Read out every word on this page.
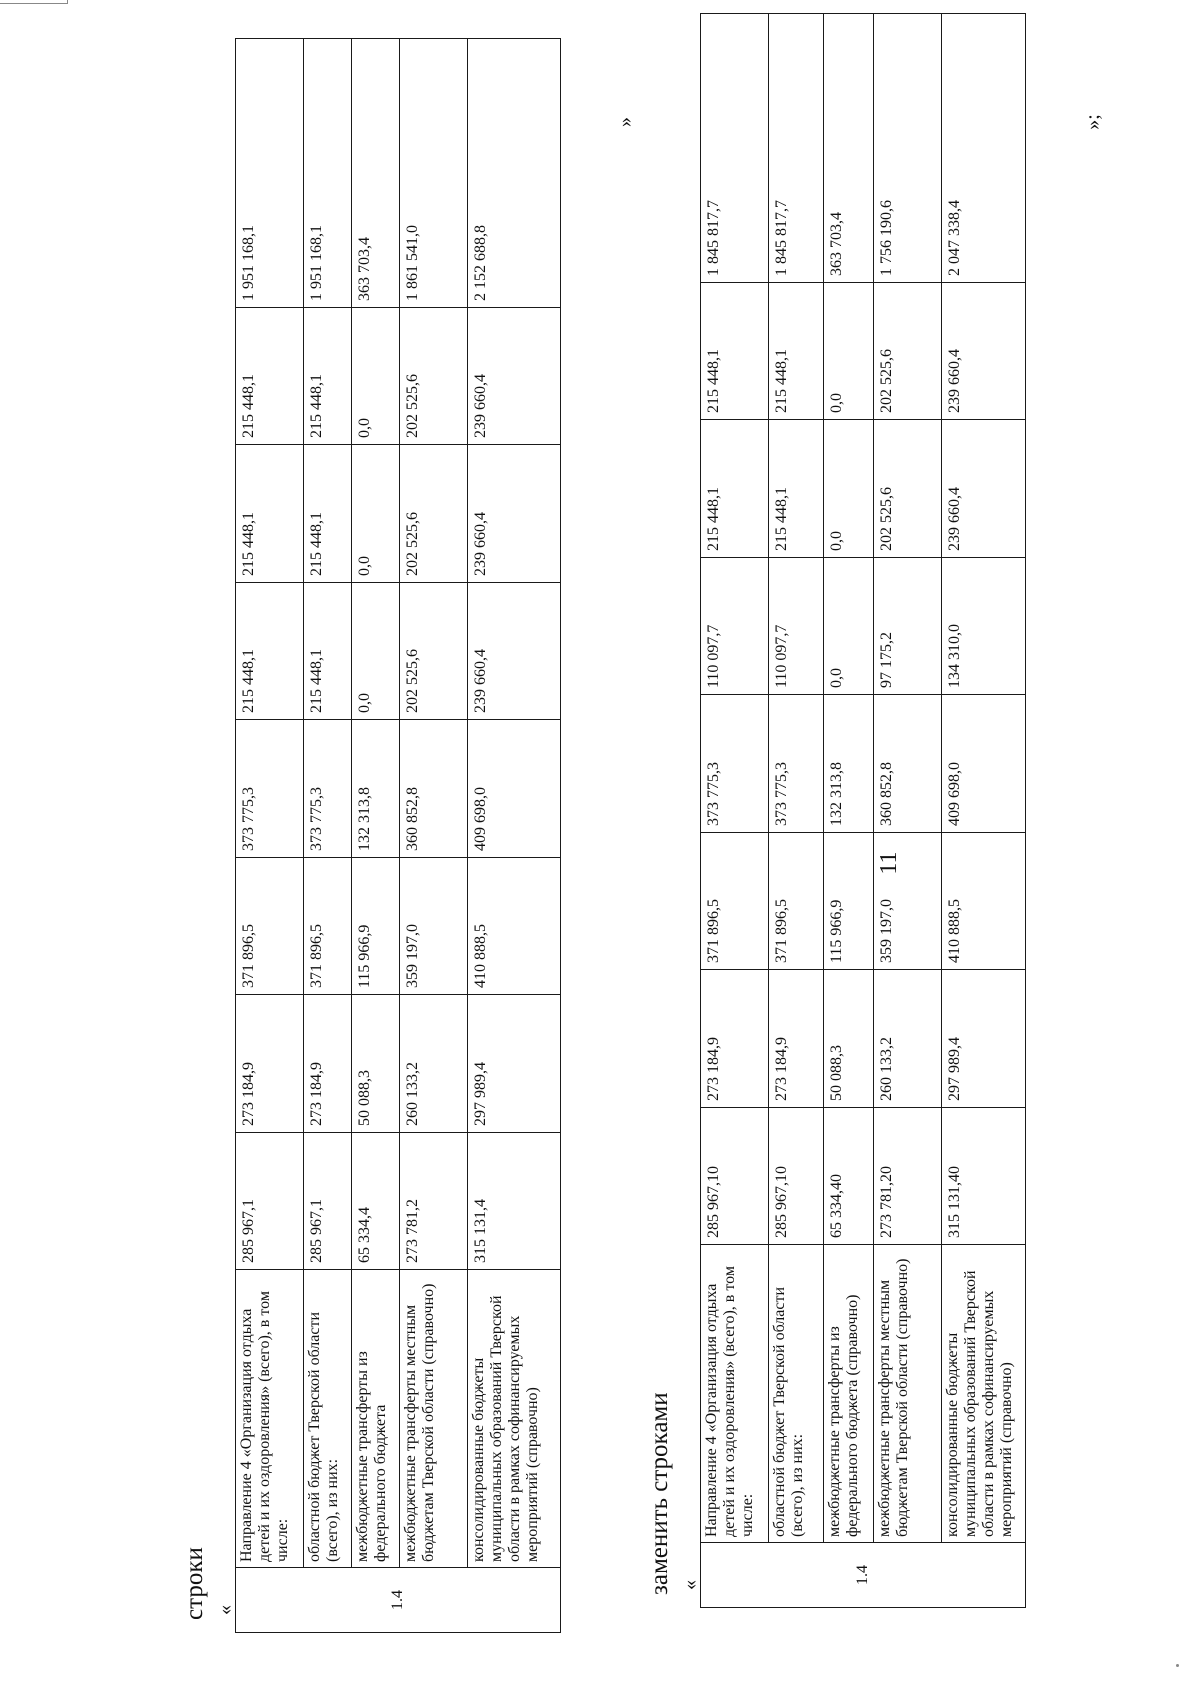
11
строки «	1.4	Направление 4 «Организация отдыха детей и их оздоровления» (всего), в том числе:	285 967,1	273 184,9	371 896,5	373 775,3	215 448,1	215 448,1	215 448,1	1 951 168,1
	областной бюджет Тверской области (всего), из них:	285 967,1	273 184,9	371 896,5	373 775,3	215 448,1	215 448,1	215 448,1	1 951 168,1
	межбюджетные трансферты из федерального бюджета	65 334,4	50 088,3	115 966,9	132 313,8	0,0	0,0	0,0	363 703,4
	межбюджетные трансферты местным бюджетам Тверской области (справочно)	273 781,2	260 133,2	359 197,0	360 852,8	202 525,6	202 525,6	202 525,6	1 861 541,0
	консолидированные бюджеты муниципальных образований Тверской области в рамках софинансируемых мероприятий (справочно)	315 131,4	297 989,4	410 888,5	409 698,0	239 660,4	239 660,4	239 660,4	2 152 688,8
»
заменить строками «	1.4	Направление 4 «Организация отдыха детей и их оздоровления» (всего), в том числе:	285 967,10	273 184,9	371 896,5	373 775,3	110 097,7	215 448,1	215 448,1	1 845 817,7
	областной бюджет Тверской области (всего), из них:	285 967,10	273 184,9	371 896,5	373 775,3	110 097,7	215 448,1	215 448,1	1 845 817,7
	межбюджетные трансферты из федерального бюджета (справочно)	65 334,40	50 088,3	115 966,9	132 313,8	0,0	0,0	0,0	363 703,4
	межбюджетные трансферты местным бюджетам Тверской области (справочно)	273 781,20	260 133,2	359 197,0	360 852,8	97 175,2	202 525,6	202 525,6	1 756 190,6
	консолидированные бюджеты муниципальных образований Тверской области в рамках софинансируемых мероприятий (справочно)	315 131,40	297 989,4	410 888,5	409 698,0	134 310,0	239 660,4	239 660,4	2 047 338,4
»;
